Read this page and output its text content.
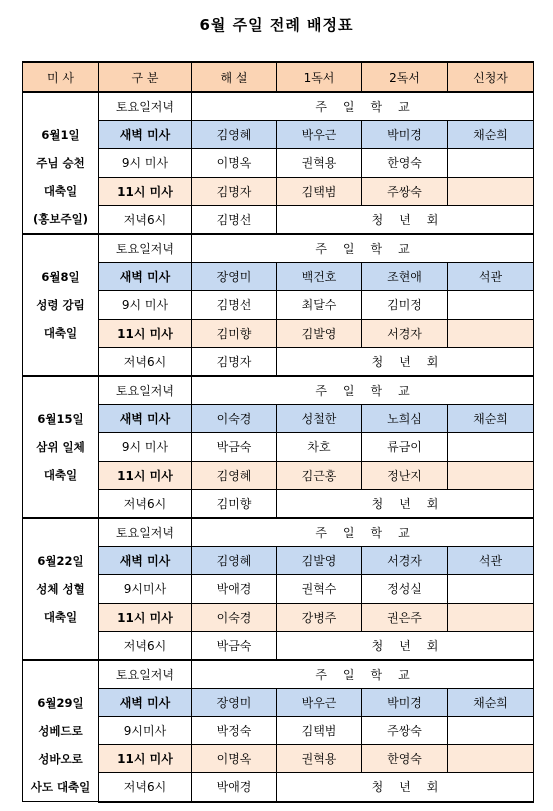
6월 주일 전례 배정표
미 사	구 분	해 설	1독서	2독서	신청자

6월1일
주님 승천
대축일
(홍보주일)	토요일저녁	주일학교			
	새벽 미사	김영혜	박우근	박미경	채순희
	9시 미사	이명옥	권혁용	한영숙	
	11시 미사	김명자	김택범	주쌍숙	
	저녁6시	김명선	청년회		

6월8일
성령 강림
대축일	토요일저녁	주일학교			
	새벽 미사	장영미	백건호	조현애	석관
	9시 미사	김명선	최달수	김미정	
	11시 미사	김미향	김발영	서경자	
	저녁6시	김명자	청년회		

6월15일
삼위 일체
대축일	토요일저녁	주일학교			
	새벽 미사	이숙경	성철한	노희심	채순희
	9시 미사	박금숙	차호	류금이	
	11시 미사	김영혜	김근홍	정난지	
	저녁6시	김미향	청년회		

6월22일
성체 성혈
대축일	토요일저녁	주일학교			
	새벽 미사	김영혜	김발영	서경자	석관
	9시미사	박애경	권혁수	정성실	
	11시 미사	이숙경	강병주	권은주	
	저녁6시	박금숙	청년회		

6월29일
성베드로
성바오로
사도 대축일	토요일저녁	주일학교			
	새벽 미사	장영미	박우근	박미경	채순희
	9시미사	박정숙	김택범	주쌍숙	
	11시 미사	이명옥	권혁용	한영숙	
	저녁6시	박애경	청년회		
